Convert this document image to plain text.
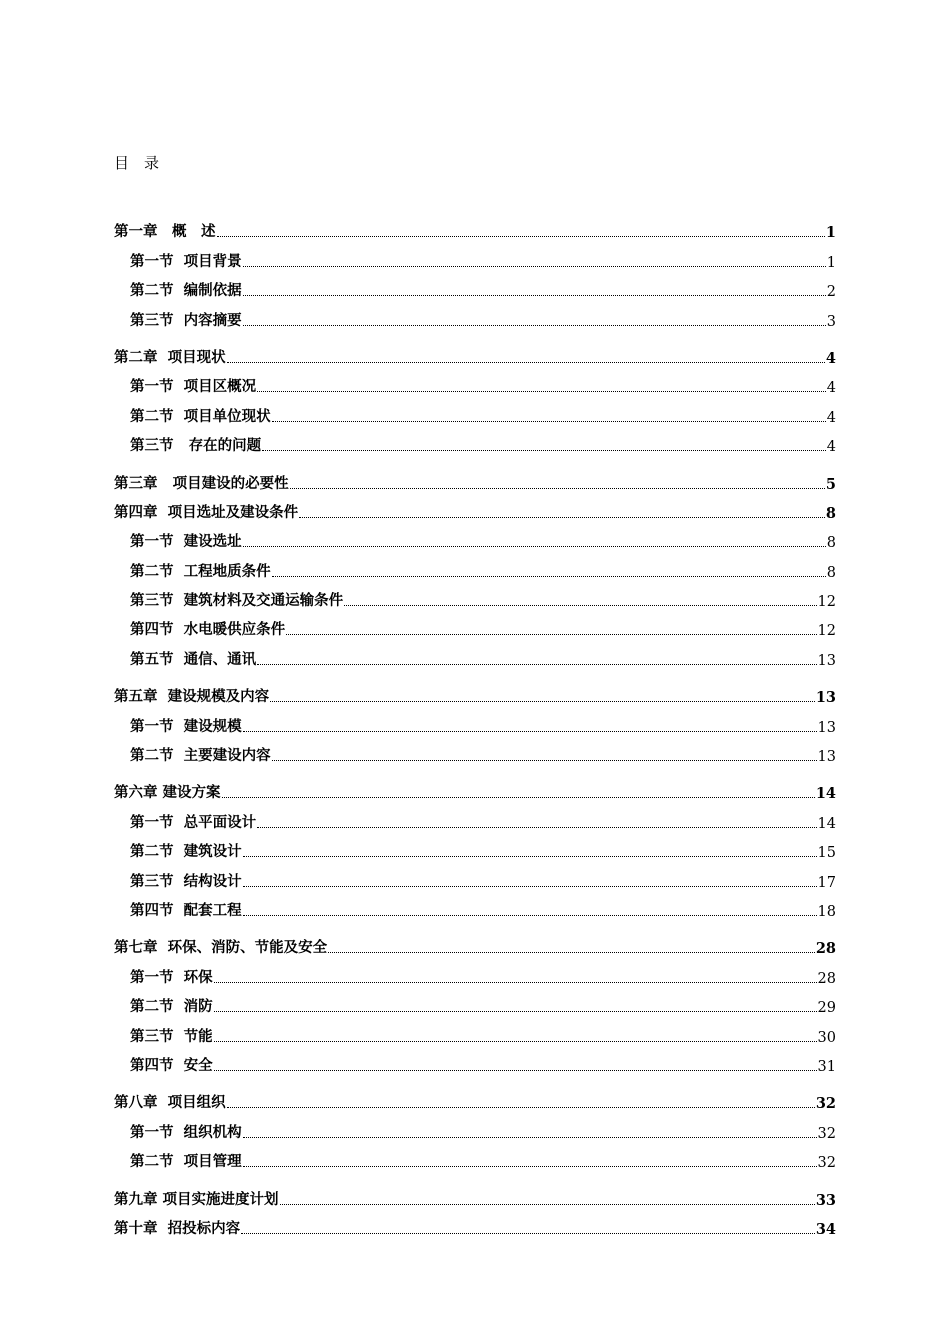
目　录
第一章　概　述	1
第一节  项目背景	1
第二节  编制依据	2
第三节  内容摘要	3
第二章  项目现状	4
第一节  项目区概况	4
第二节  项目单位现状	4
第三节   存在的问题	4
第三章   项目建设的必要性	5
第四章  项目选址及建设条件	8
第一节  建设选址	8
第二节  工程地质条件	8
第三节  建筑材料及交通运输条件	12
第四节  水电暖供应条件	12
第五节  通信、通讯	13
第五章  建设规模及内容	13
第一节  建设规模	13
第二节  主要建设内容	13
第六章 建设方案	14
第一节  总平面设计	14
第二节  建筑设计	15
第三节  结构设计	17
第四节  配套工程	18
第七章  环保、消防、节能及安全	28
第一节  环保	28
第二节  消防	29
第三节  节能	30
第四节  安全	31
第八章  项目组织	32
第一节  组织机构	32
第二节  项目管理	32
第九章 项目实施进度计划	33
第十章  招投标内容	34
